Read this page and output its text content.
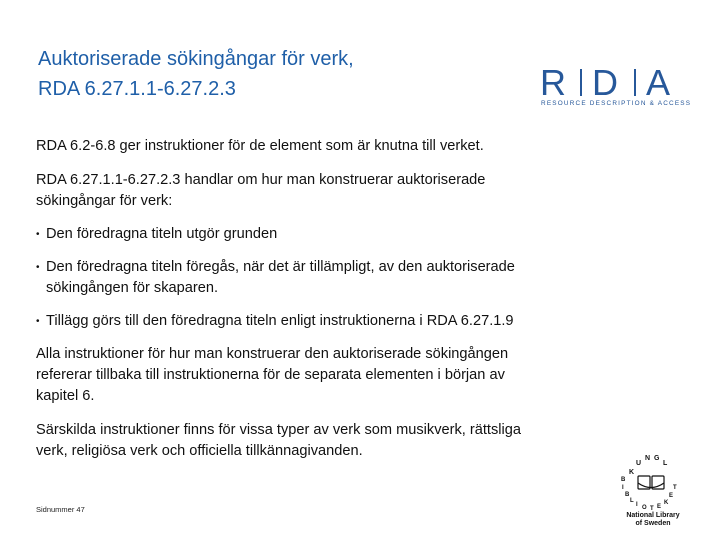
Auktoriserade sökingångar för verk,
RDA 6.27.1.1-6.27.2.3	R D A
RESOURCE DESCRIPTION & ACCESS

RDA 6.2-6.8 ger instruktioner för de element som är knutna till verket.

RDA 6.27.1.1-6.27.2.3 handlar om hur man konstruerar auktoriserade
sökingångar för verk:

• Den föredragna titeln utgör grunden
• Den föredragna titeln föregås, när det är tillämpligt, av den auktoriserade
sökingången för skaparen.
• Tillägg görs till den föredragna titeln enligt instruktionerna i RDA 6.27.1.9

Alla instruktioner för hur man konstruerar den auktoriserade sökingången
refererar tillbaka till instruktionerna för de separata elementen i början av
kapitel 6.

Särskilda instruktioner finns för vissa typer av verk som musikverk, rättsliga
verk, religiösa verk och officiella tillkännagivanden.

Sidnummer 47
K
U
N G
L
B
I
B
L
I O T E
K
E
T
National Library
of Sweden
